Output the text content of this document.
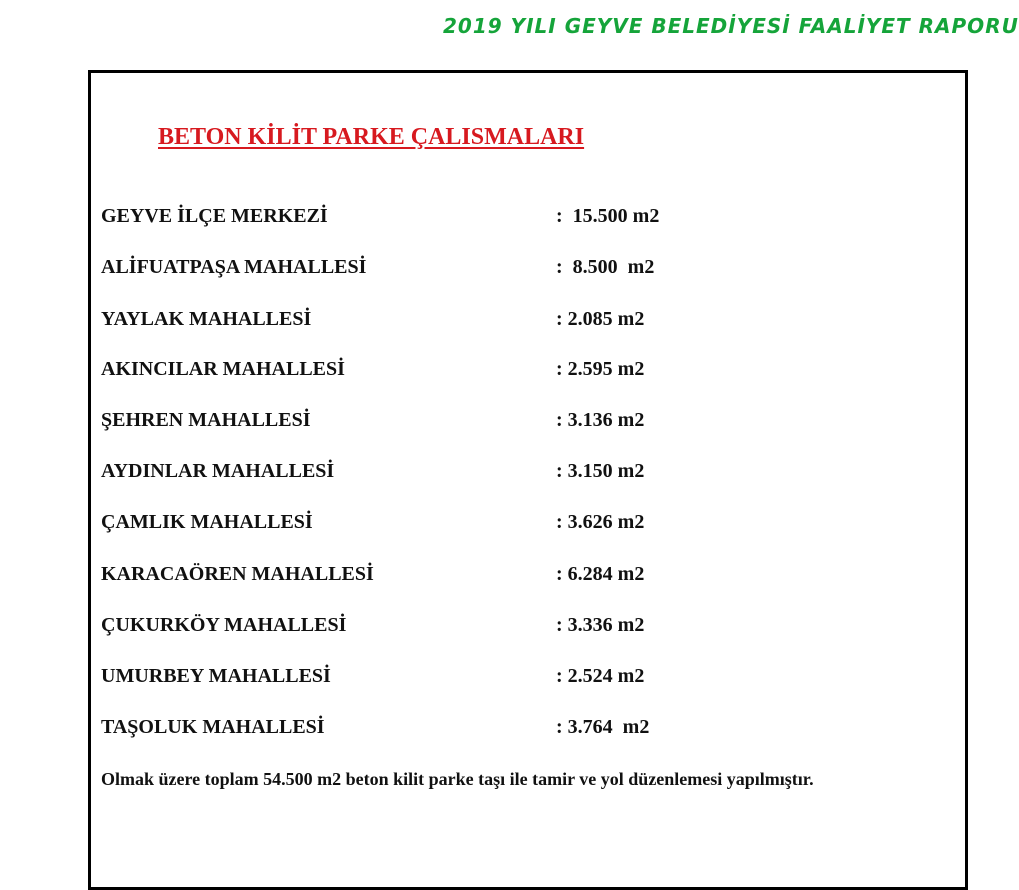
2019 YILI GEYVE BELEDİYESİ FAALİYET RAPORU
BETON KİLİT PARKE ÇALISMALARI
GEYVE İLÇE MERKEZİ	:  15.500 m2
ALİFUATPAŞA MAHALLESİ	:  8.500  m2
YAYLAK MAHALLESİ	: 2.085 m2
AKINCILAR MAHALLESİ	: 2.595 m2
ŞEHREN MAHALLESİ	: 3.136 m2
AYDINLAR MAHALLESİ	: 3.150 m2
ÇAMLIK MAHALLESİ	: 3.626 m2
KARACAÖREN MAHALLESİ	: 6.284 m2
ÇUKURKÖY MAHALLESİ	: 3.336 m2
UMURBEY MAHALLESİ	: 2.524 m2
TAŞOLUK MAHALLESİ	: 3.764  m2
Olmak üzere toplam 54.500 m2 beton kilit parke taşı ile tamir ve yol düzenlemesi yapılmıştır.
